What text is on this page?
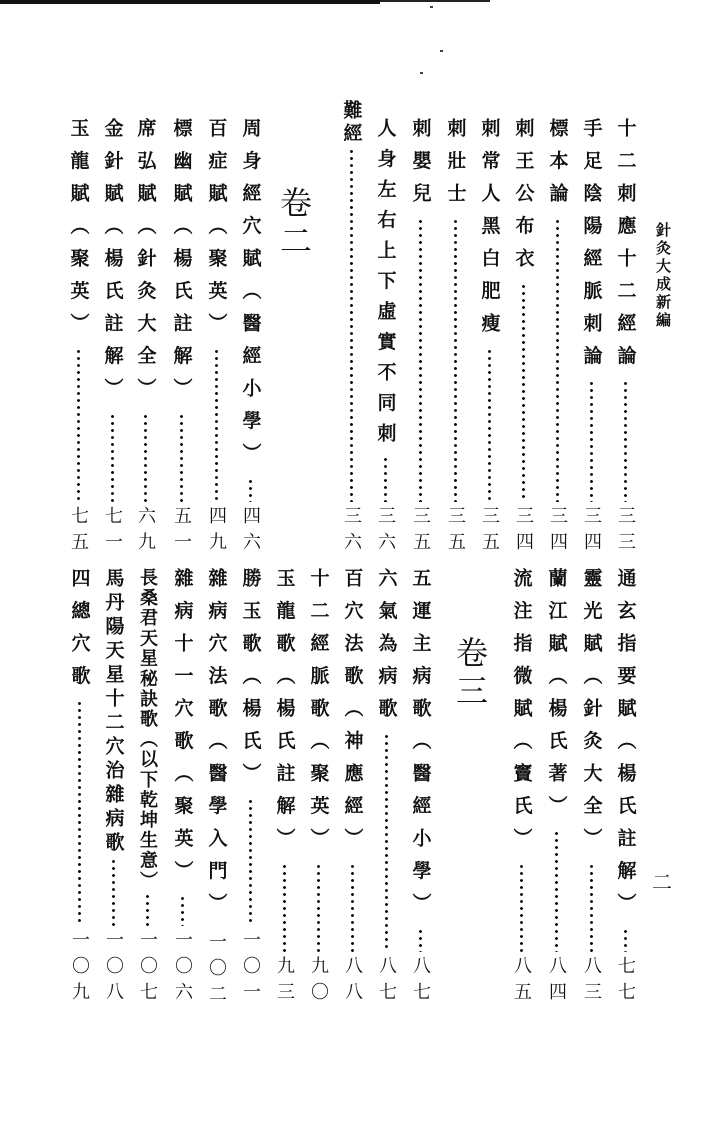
針灸大成新編
二
卷二
卷三
十二刺應十二經論
三三
手足陰陽經脈刺論
三四
標本論
三四
刺王公布衣
三四
刺常人黑白肥瘦
三五
刺壯士
三五
刺嬰兒
三五
人身左右上下虛實不同刺
三六
難經
三六
周身經穴賦（醫經小學）
四六
百症賦（聚英）
四九
標幽賦（楊氏註解）
五一
席弘賦（針灸大全）
六九
金針賦（楊氏註解）
七一
玉龍賦（聚英）
七五
通玄指要賦（楊氏註解）
七七
靈光賦（針灸大全）
八三
蘭江賦（楊氏著）
八四
流注指微賦（竇氏）
八五
五運主病歌（醫經小學）
八七
六氣為病歌
八七
百穴法歌（神應經）
八八
十二經脈歌（聚英）
九〇
玉龍歌（楊氏註解）
九三
勝玉歌（楊氏）
一〇一
雜病穴法歌（醫學入門）
一〇二
雜病十一穴歌（聚英）
一〇六
長桑君天星秘訣歌（以下乾坤生意）
一〇七
馬丹陽天星十二穴治雜病歌
一〇八
四總穴歌
一〇九
